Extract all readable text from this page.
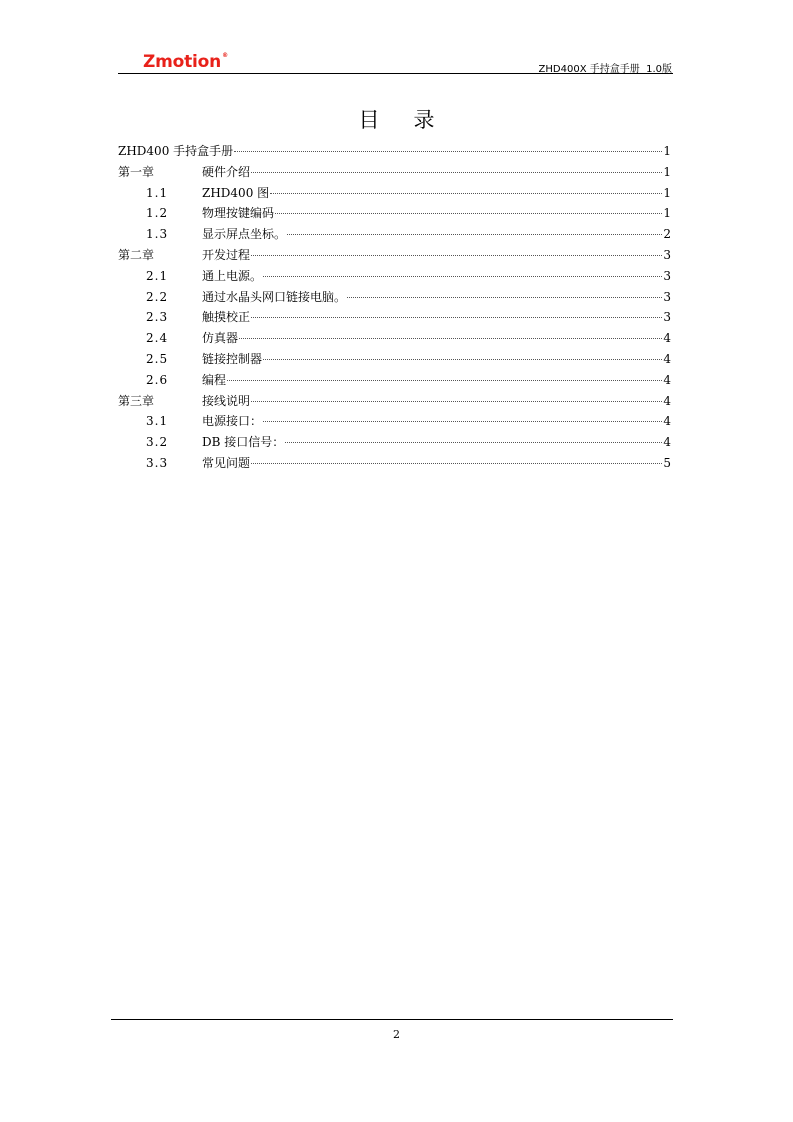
Zmotion®
ZHD400X 手持盒手册  1.0版
目录
ZHD400 手持盒手册	1
第一章	硬件介绍	1
1.1	ZHD400 图	1
1.2	物理按键编码	1
1.3	显示屏点坐标。	2
第二章	开发过程	3
2.1	通上电源。	3
2.2	通过水晶头网口链接电脑。	3
2.3	触摸校正	3
2.4	仿真器	4
2.5	链接控制器	4
2.6	编程	4
第三章	接线说明	4
3.1	电源接口：	4
3.2	DB 接口信号：	4
3.3	常见问题	5
2
